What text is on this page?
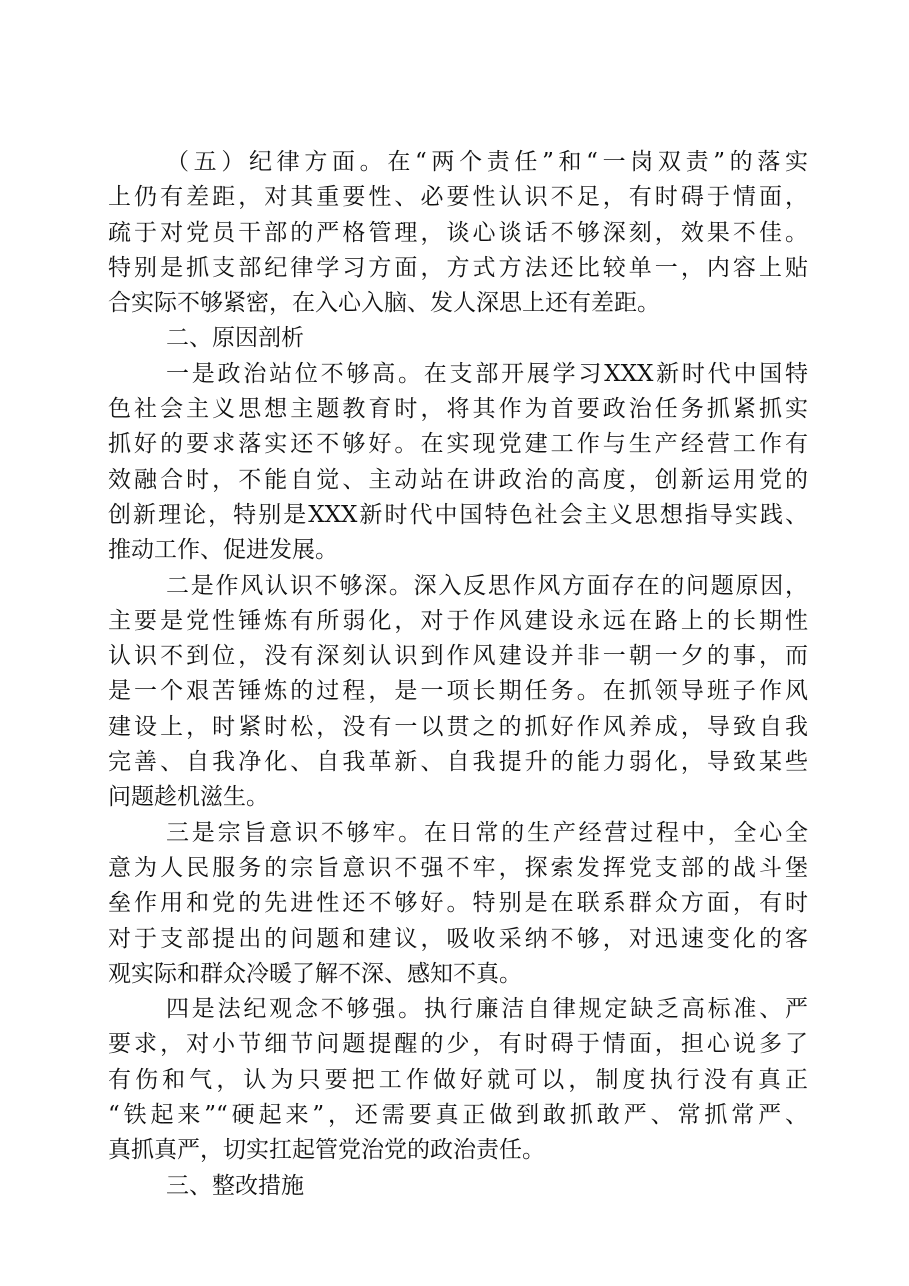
（五）纪律方面。在“两个责任”和“一岗双责”的落实
上仍有差距，对其重要性、必要性认识不足，有时碍于情面，
疏于对党员干部的严格管理，谈心谈话不够深刻，效果不佳。
特别是抓支部纪律学习方面，方式方法还比较单一，内容上贴
合实际不够紧密，在入心入脑、发人深思上还有差距。
二、原因剖析
一是政治站位不够高。在支部开展学习XXX新时代中国特
色社会主义思想主题教育时，将其作为首要政治任务抓紧抓实
抓好的要求落实还不够好。在实现党建工作与生产经营工作有
效融合时，不能自觉、主动站在讲政治的高度，创新运用党的
创新理论，特别是XXX新时代中国特色社会主义思想指导实践、
推动工作、促进发展。
二是作风认识不够深。深入反思作风方面存在的问题原因，
主要是党性锤炼有所弱化，对于作风建设永远在路上的长期性
认识不到位，没有深刻认识到作风建设并非一朝一夕的事，而
是一个艰苦锤炼的过程，是一项长期任务。在抓领导班子作风
建设上，时紧时松，没有一以贯之的抓好作风养成，导致自我
完善、自我净化、自我革新、自我提升的能力弱化，导致某些
问题趁机滋生。
三是宗旨意识不够牢。在日常的生产经营过程中，全心全
意为人民服务的宗旨意识不强不牢，探索发挥党支部的战斗堡
垒作用和党的先进性还不够好。特别是在联系群众方面，有时
对于支部提出的问题和建议，吸收采纳不够，对迅速变化的客
观实际和群众冷暖了解不深、感知不真。
四是法纪观念不够强。执行廉洁自律规定缺乏高标准、严
要求，对小节细节问题提醒的少，有时碍于情面，担心说多了
有伤和气，认为只要把工作做好就可以，制度执行没有真正
“铁起来”“硬起来”，还需要真正做到敢抓敢严、常抓常严、
真抓真严，切实扛起管党治党的政治责任。
三、整改措施
